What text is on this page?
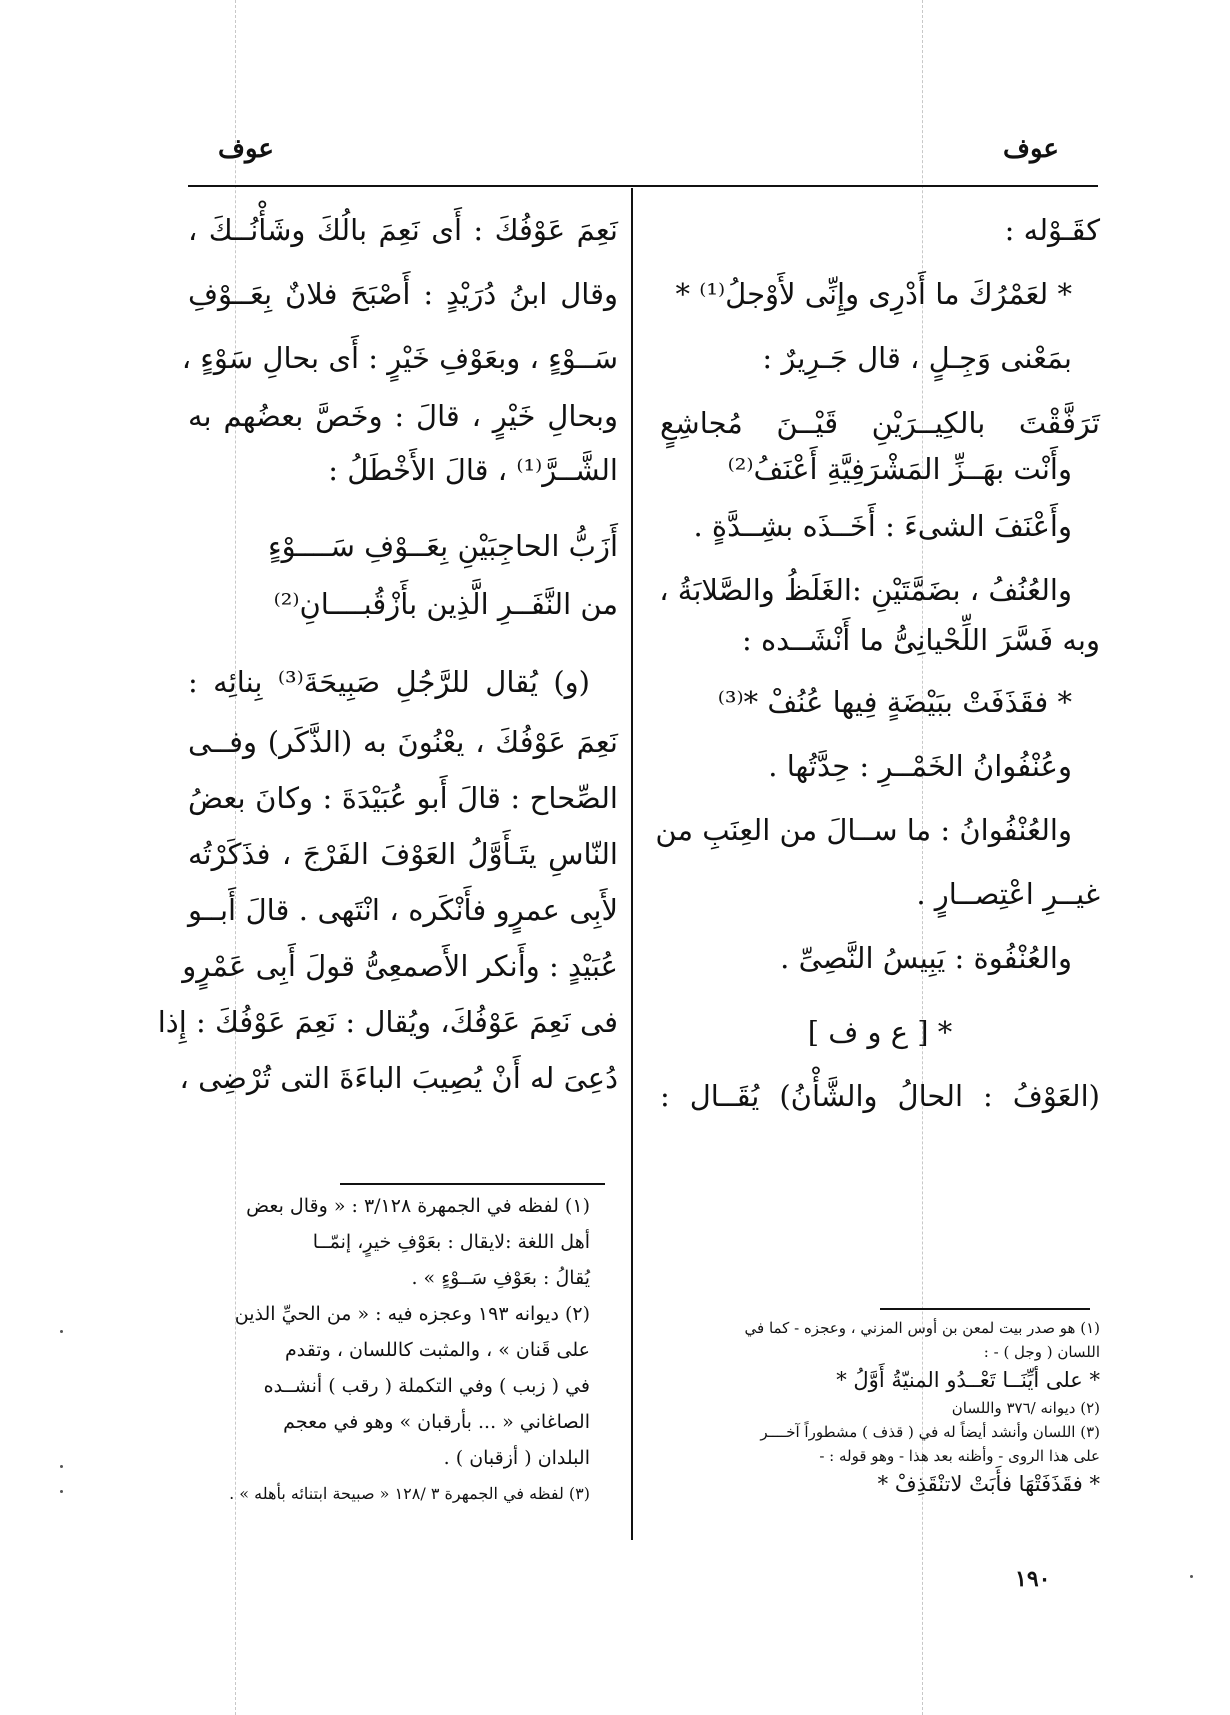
عوف	عوف
كقَـوْله :
* لعَمْرُكَ ما أَدْرِى وإِنِّى لأَوْجلُ⁽¹⁾ *
بمَعْنى وَجِـلٍ ، قال جَـرِيرٌ :
تَرَفَّقْتَ بالكِيــرَيْنِ قَيْــنَ مُجاشِعٍ
وأَنْت بهَــزِّ المَشْرَفِيَّةِ أَعْنَفُ⁽²⁾
وأَعْنَفَ الشىءَ : أَخَــذَه بشِــدَّةٍ .
والعُنُفُ ، بضَمَّتَيْنِ :الغَلَظُ والصَّلابَةُ ،
وبه فَسَّرَ اللِّحْيانِىُّ ما أَنْشَــده :
* فقَذَفَتْ ببَيْضَةٍ فِيها عُنُفْ *⁽³⁾
وعُنْفُوانُ الخَمْــرِ : حِدَّتُها .
والعُنْفُوانُ : ما ســالَ من العِنَبِ من
غيــرِ اعْتِصــارٍ .
والعُنْفُوة : يَبِيسُ النَّصِىِّ .
* [ ع و ف ]
(العَوْفُ : الحالُ والشَّأْنُ) يُقَــال :
نَعِمَ عَوْفُكَ : أَى نَعِمَ بالُكَ وشَأْنُــكَ ،
وقال ابنُ دُرَيْدٍ : أَصْبَحَ فلانٌ بِعَــوْفِ
سَــوْءٍ ، وبعَوْفِ خَيْرٍ : أَى بحالِ سَوْءٍ ،
وبحالِ خَيْرٍ ، قالَ : وخَصَّ بعضُهم به
الشَّــرَّ⁽¹⁾ ، قالَ الأَخْطَلُ :
أَزَبُّ الحاجِبَيْنِ بِعَــوْفِ سَــــوْءٍ
من النَّفَــرِ الَّذِين بأَزْقُبــــانِ⁽²⁾
(و) يُقال للرَّجُلِ صَبِيحَةَ⁽³⁾ بِنائِه :
نَعِمَ عَوْفُكَ ، يعْنُونَ به (الذَّكَر) وفــى
الصِّحاح : قالَ أَبو عُبَيْدَةَ : وكانَ بعضُ
النّاسِ يتَـأَوَّلُ العَوْفَ الفَرْجَ ، فذَكَرْتُه
لأَبِى عمرٍو فأَنْكَره ، انْتَهى . قالَ أَبــو
عُبَيْدٍ : وأَنكر الأَصمعِىُّ قولَ أَبِى عَمْرٍو
فى نَعِمَ عَوْفُكَ، ويُقال : نَعِمَ عَوْفُكَ : إِذا
دُعِىَ له أَنْ يُصِيبَ الباءَةَ التى تُرْضِى ،
(١) لفظه في الجمهرة ٣/١٢٨ : « وقال بعض
أهل اللغة :لايقال : بعَوْفِ خيرٍ، إنمّــا
يُقالُ : بعَوْفِ سَــوْءٍ » .
(٢) ديوانه ١٩٣ وعجزه فيه : « من الحيِّ الذين
على قَنان » ، والمثبت كاللسان ، وتقدم
في ( زبب ) وفي التكملة ( رقب ) أنشــده
الصاغاني « ... بأرقبان » وهو في معجم
البلدان ( أزقبان ) .
(٣) لفظه في الجمهرة ٣ /١٢٨ « صبيحة ابتنائه بأهله » .
(١) هو صدر بيت لمعن بن أوس المزني ، وعجزه - كما في
اللسان ( وجل ) - :
* على أيِّنَــا تَعْــدُو المنيّةُ أَوَّلُ *
(٢) ديوانه /٣٧٦ واللسان
(٣) اللسان وأنشد أيضاً له في ( قذف ) مشطوراً آخــــر
على هذا الروى - وأظنه بعد هذا - وهو قوله : -
* فقَذَفَتْهَا فأَبَتْ لاتنْقَذِفْ *
١٩٠
